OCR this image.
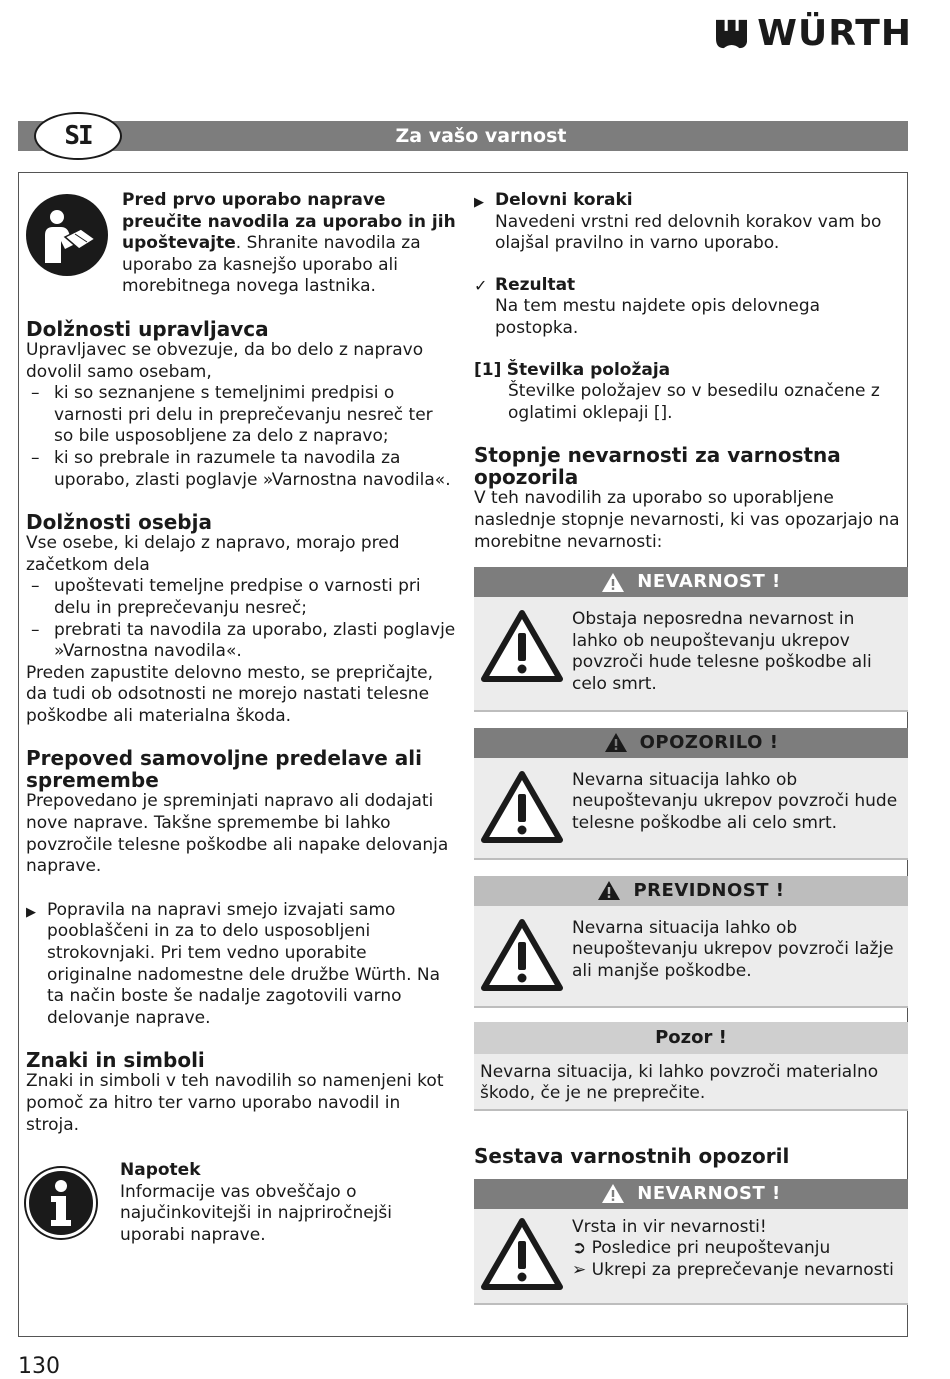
WÜRTH
Za vašo varnost
SI
Pred prvo uporabo naprave preučite navodila za uporabo in jih upoštevajte. Shranite navodila za uporabo za kasnejšo uporabo ali morebitnega novega lastnika.
Dolžnosti upravljavca

Upravljavec se obvezuje, da bo delo z napravo dovolil samo osebam,

– ki so seznanjene s temeljnimi predpisi o varnosti pri delu in preprečevanju nesreč ter so bile usposobljene za delo z napravo;

– ki so prebrale in razumele ta navodila za uporabo, zlasti poglavje »Varnostna navodila«.

Dolžnosti osebja

Vse osebe, ki delajo z napravo, morajo pred začetkom dela

– upoštevati temeljne predpise o varnosti pri delu in preprečevanju nesreč;

– prebrati ta navodila za uporabo, zlasti poglavje »Varnostna navodila«.

Preden zapustite delovno mesto, se prepričajte, da tudi ob odsotnosti ne morejo nastati telesne poškodbe ali materialna škoda.

Prepoved samovoljne predelave ali spremembe

Prepovedano je spreminjati napravo ali dodajati nove naprave. Takšne spremembe bi lahko povzročile telesne poškodbe ali napake delovanja naprave.

▶ Popravila na napravi smejo izvajati samo pooblaščeni in za to delo usposobljeni strokovnjaki. Pri tem vedno uporabite originalne nadomestne dele družbe Würth. Na ta način boste še nadalje zagotovili varno delovanje naprave.

Znaki in simboli

Znaki in simboli v teh navodilih so namenjeni kot pomoč za hitro ter varno uporabo navodil in stroja.

Napotek

Informacije vas obveščajo o najučinkovitejši in najpriročnejši uporabi naprave.

▶ Delovni koraki

Navedeni vrstni red delovnih korakov vam bo olajšal pravilno in varno uporabo.

✓ Rezultat

Na tem mestu najdete opis delovnega postopka.

[1] Številka položaja

Številke položajev so v besedilu označene z oglatimi oklepaji [].

Stopnje nevarnosti za varnostna opozorila

V teh navodilih za uporabo so uporabljene naslednje stopnje nevarnosti, ki vas opozarjajo na morebitne nevarnosti:

NEVARNOST !

Obstaja neposredna nevarnost in lahko ob neupoštevanju ukrepov povzroči hude telesne poškodbe ali celo smrt.

OPOZORILO !

Nevarna situacija lahko ob neupoštevanju ukrepov povzroči hude telesne poškodbe ali celo smrt.

PREVIDNOST !

Nevarna situacija lahko ob neupoštevanju ukrepov povzroči lažje ali manjše poškodbe.

Pozor !

Nevarna situacija, ki lahko povzroči materialno škodo, če je ne preprečite.

Sestava varnostnih opozoril
NEVARNOST !

Vrsta in vir nevarnosti!

➲ Posledice pri neupoštevanju

➢ Ukrepi za preprečevanje nevarnosti

130
